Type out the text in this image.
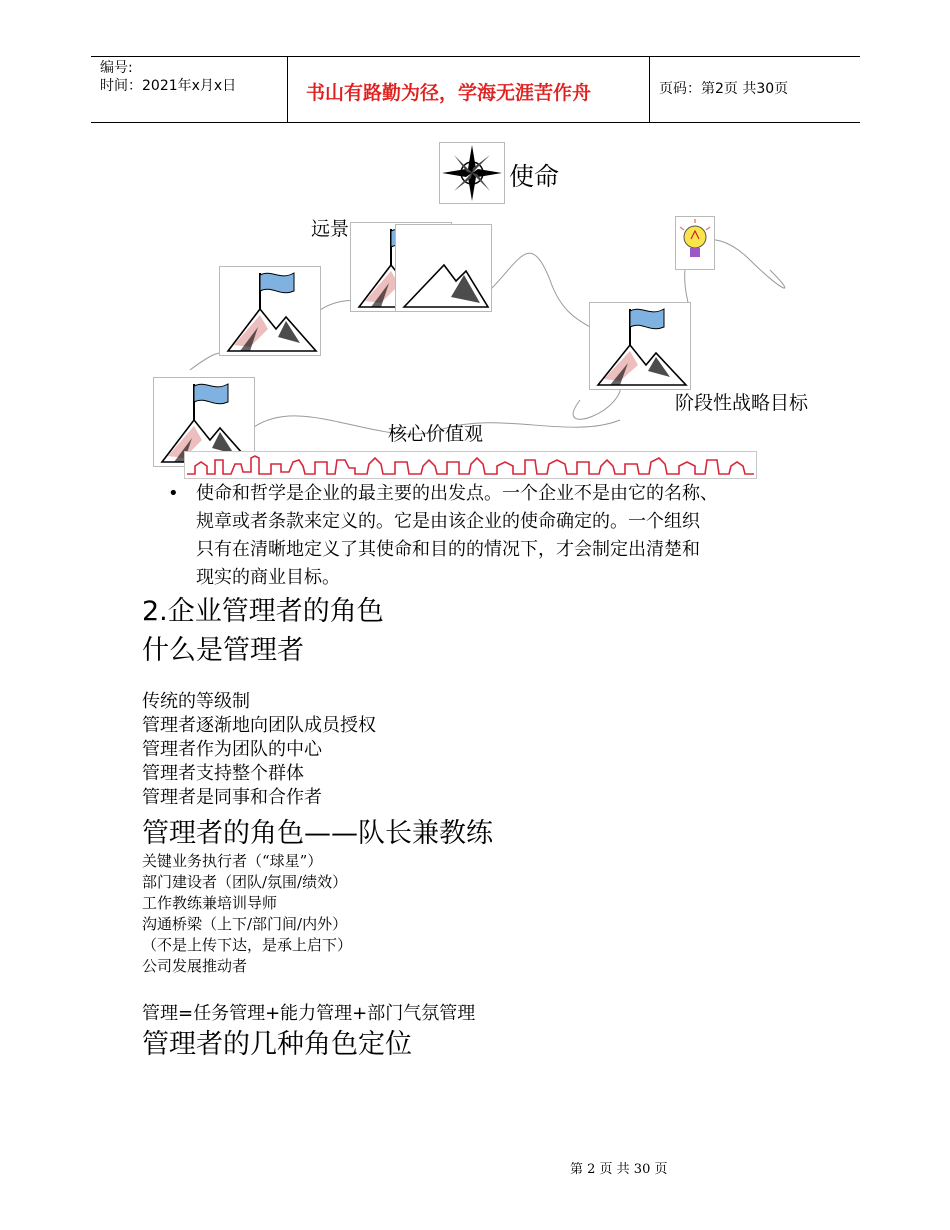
编号:
时间：2021年x月x日	书山有路勤为径，学海无涯苦作舟	页码：第2页 共30页
使命
远景
阶段性战略目标
核心价值观
• 使命和哲学是企业的最主要的出发点。一个企业不是由它的名称、
规章或者条款来定义的。它是由该企业的使命确定的。一个组织
只有在清晰地定义了其使命和目的的情况下，才会制定出清楚和
现实的商业目标。
2.企业管理者的角色
什么是管理者
传统的等级制
管理者逐渐地向团队成员授权
管理者作为团队的中心
管理者支持整个群体
管理者是同事和合作者
管理者的角色——队长兼教练
关键业务执行者（“球星”）
部门建设者（团队/氛围/绩效）
工作教练兼培训导师
沟通桥梁（上下/部门间/内外）
（不是上传下达，是承上启下）
公司发展推动者
管理=任务管理+能力管理+部门气氛管理
管理者的几种角色定位
第 2 页 共 30 页
